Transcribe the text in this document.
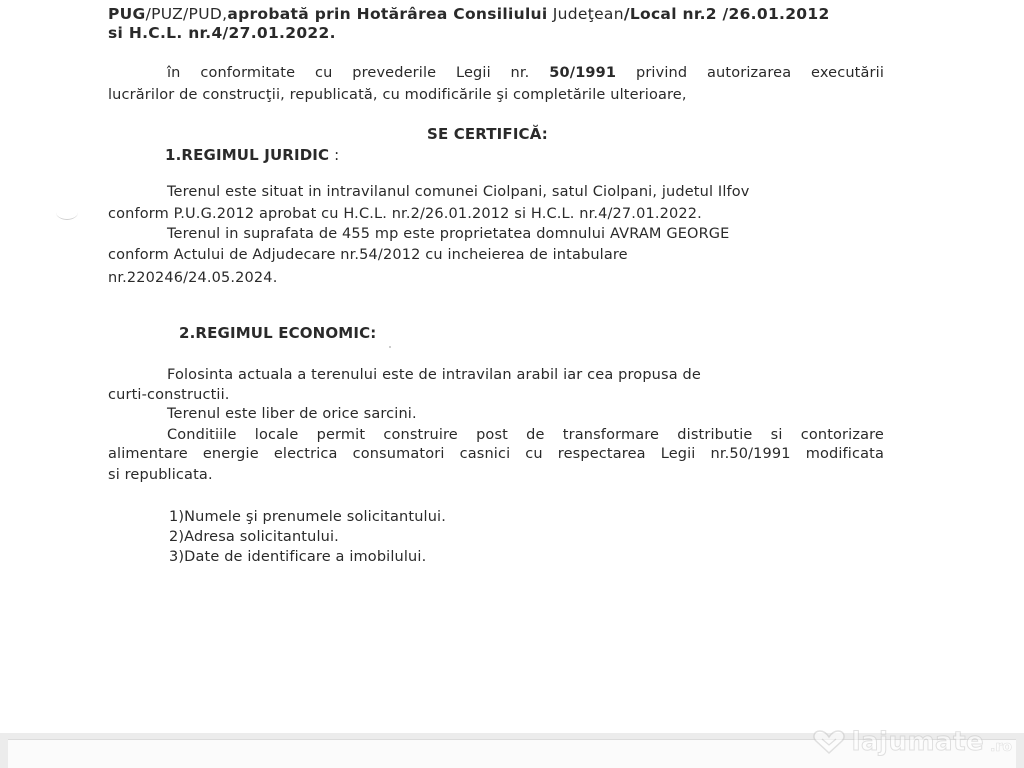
PUG/PUZ/PUD,aprobată prin Hotărârea Consiliului Judeţean/Local nr.2 /26.01.2012
si H.C.L. nr.4/27.01.2022.
în conformitate cu prevederile Legii nr. 50/1991 privind autorizarea executării
lucrărilor de construcţii, republicată, cu modificările şi completările ulterioare,
SE CERTIFICĂ:
1.REGIMUL JURIDIC :
Terenul este situat in intravilanul comunei Ciolpani, satul Ciolpani, judetul Ilfov
conform P.U.G.2012 aprobat cu H.C.L. nr.2/26.01.2012 si H.C.L. nr.4/27.01.2022.
Terenul in suprafata de 455 mp este proprietatea domnului AVRAM GEORGE
conform Actului de Adjudecare nr.54/2012 cu incheierea de intabulare
nr.220246/24.05.2024.
2.REGIMUL ECONOMIC:
Folosinta actuala a terenului este de intravilan arabil iar cea propusa de
curti-constructii.
Terenul este liber de orice sarcini.
Conditiile locale permit construire post de transformare distributie si contorizare
alimentare energie electrica consumatori casnici cu respectarea Legii nr.50/1991 modificata
si republicata.
1)Numele şi prenumele solicitantului.
2)Adresa solicitantului.
3)Date de identificare a imobilului.
lajumate .ro
